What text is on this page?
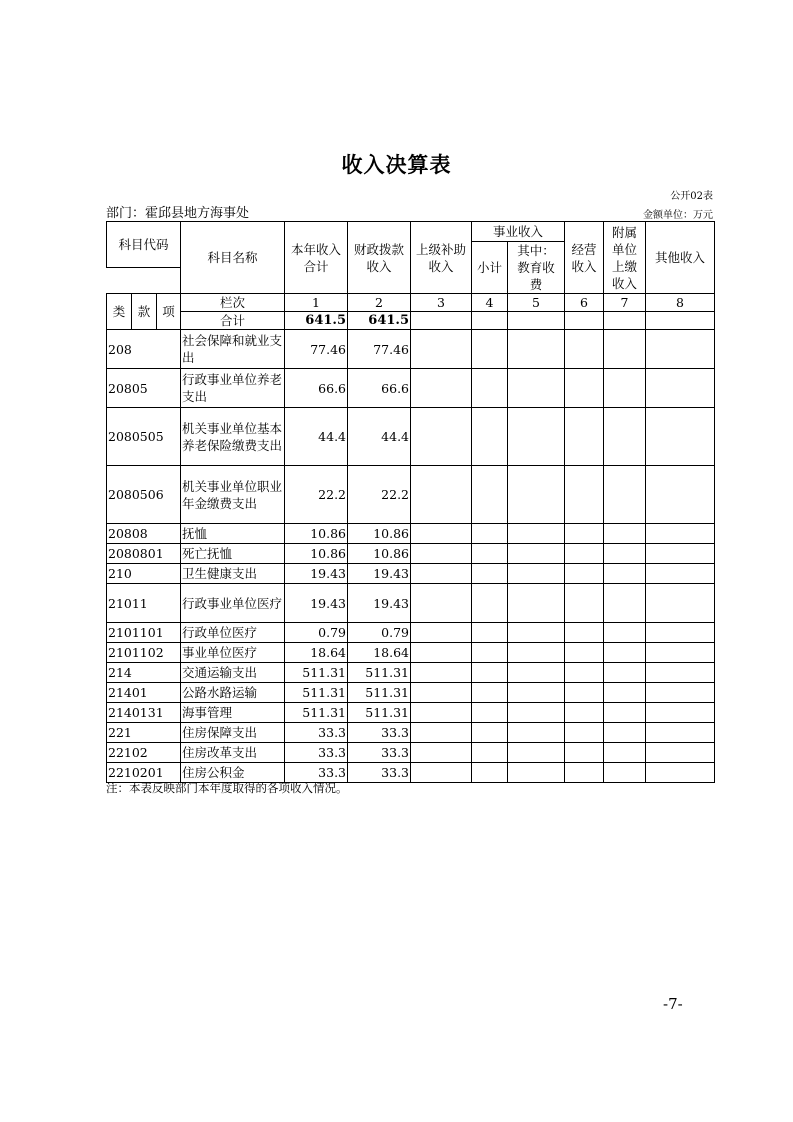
收入决算表
公开02表
部门：霍邱县地方海事处	金额单位：万元
科目代码			科目名称	本年收入合计	财政拨款收入	上级补助收入	事业收入		经营收入	附属单位上缴收入	其他收入
							小计	其中：教育收费			

类	款	项	栏次	1	2	3	4	5	6	7	8
			合计	641.5	641.5						
208			社会保障和就业支出	77.46	77.46						
20805			行政事业单位养老支出	66.6	66.6						
2080505			机关事业单位基本养老保险缴费支出	44.4	44.4						
2080506			机关事业单位职业年金缴费支出	22.2	22.2						
20808			抚恤	10.86	10.86						
2080801			死亡抚恤	10.86	10.86						
210			卫生健康支出	19.43	19.43						
21011			行政事业单位医疗	19.43	19.43						
2101101			行政单位医疗	0.79	0.79						
2101102			事业单位医疗	18.64	18.64						
214			交通运输支出	511.31	511.31						
21401			公路水路运输	511.31	511.31						
2140131			海事管理	511.31	511.31						
221			住房保障支出	33.3	33.3						
22102			住房改革支出	33.3	33.3						
2210201			住房公积金	33.3	33.3						
注：本表反映部门本年度取得的各项收入情况。
-7-
